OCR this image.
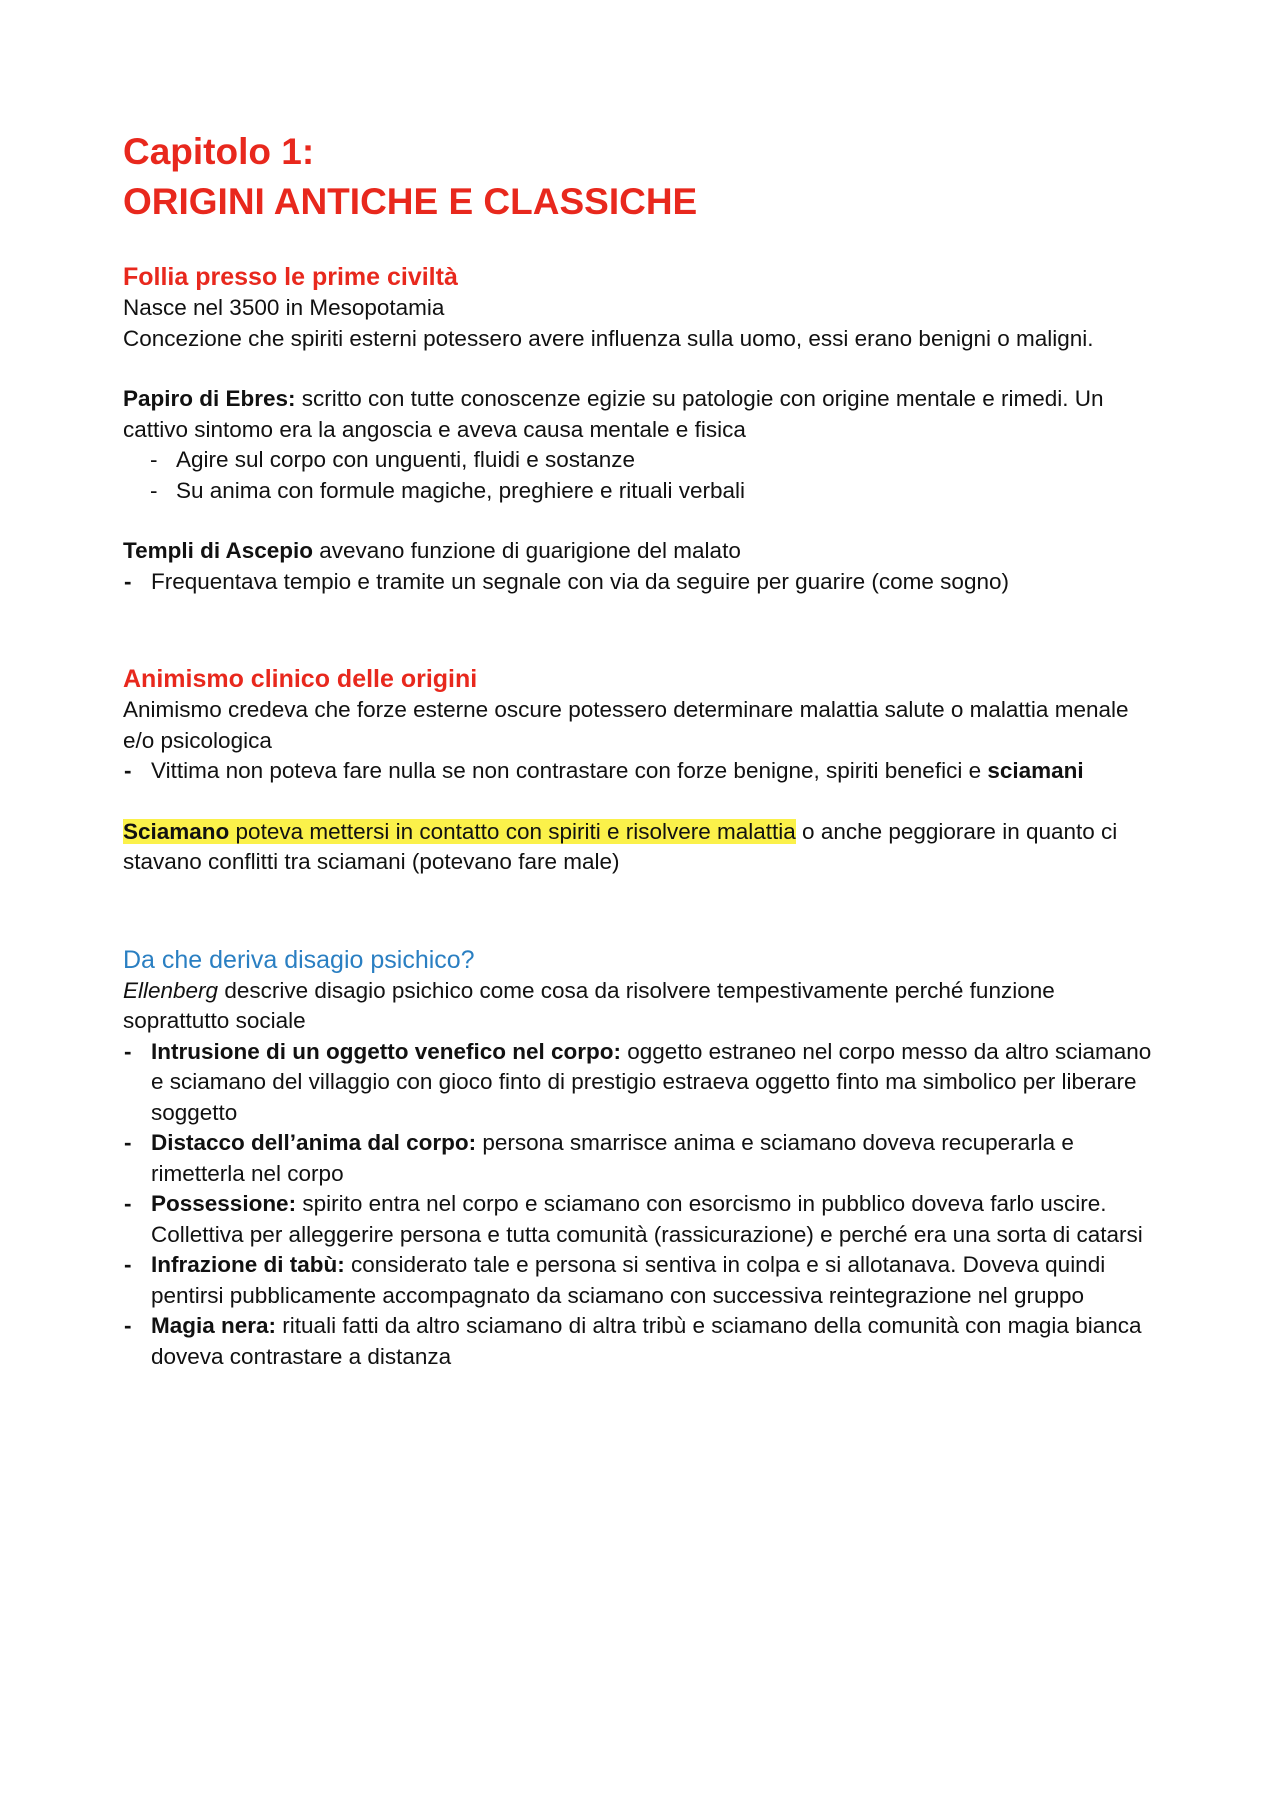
Capitolo 1:
ORIGINI ANTICHE E CLASSICHE
Follia presso le prime civiltà

Nasce nel 3500 in Mesopotamia

Concezione che spiriti esterni potessero avere influenza sulla uomo, essi erano benigni o maligni.

Papiro di Ebres: scritto con tutte conoscenze egizie su patologie con origine mentale e rimedi. Un cattivo sintomo era la angoscia e aveva causa mentale e fisica

- Agire sul corpo con unguenti, fluidi e sostanze
- Su anima con formule magiche, preghiere e rituali verbali

Templi di Ascepio avevano funzione di guarigione del malato

- Frequentava tempio e tramite un segnale con via da seguire per guarire (come sogno)
Animismo clinico delle origini

Animismo credeva che forze esterne oscure potessero determinare malattia salute o malattia menale e/o psicologica

- Vittima non poteva fare nulla se non contrastare con forze benigne, spiriti benefici e sciamani

Sciamano poteva mettersi in contatto con spiriti e risolvere malattia o anche peggiorare in quanto ci stavano conflitti tra sciamani (potevano fare male)

Da che deriva disagio psichico?

Ellenberg descrive disagio psichico come cosa da risolvere tempestivamente perché funzione soprattutto sociale

- Intrusione di un oggetto venefico nel corpo: oggetto estraneo nel corpo messo da altro sciamano e sciamano del villaggio con gioco finto di prestigio estraeva oggetto finto ma simbolico per liberare soggetto
- Distacco dell’anima dal corpo: persona smarrisce anima e sciamano doveva recuperarla e rimetterla nel corpo
- Possessione: spirito entra nel corpo e sciamano con esorcismo in pubblico doveva farlo uscire. Collettiva per alleggerire persona e tutta comunità (rassicurazione) e perché era una sorta di catarsi
- Infrazione di tabù: considerato tale e persona si sentiva in colpa e si allotanava. Doveva quindi pentirsi pubblicamente accompagnato da sciamano con successiva reintegrazione nel gruppo
- Magia nera: rituali fatti da altro sciamano di altra tribù e sciamano della comunità con magia bianca doveva contrastare a distanza
